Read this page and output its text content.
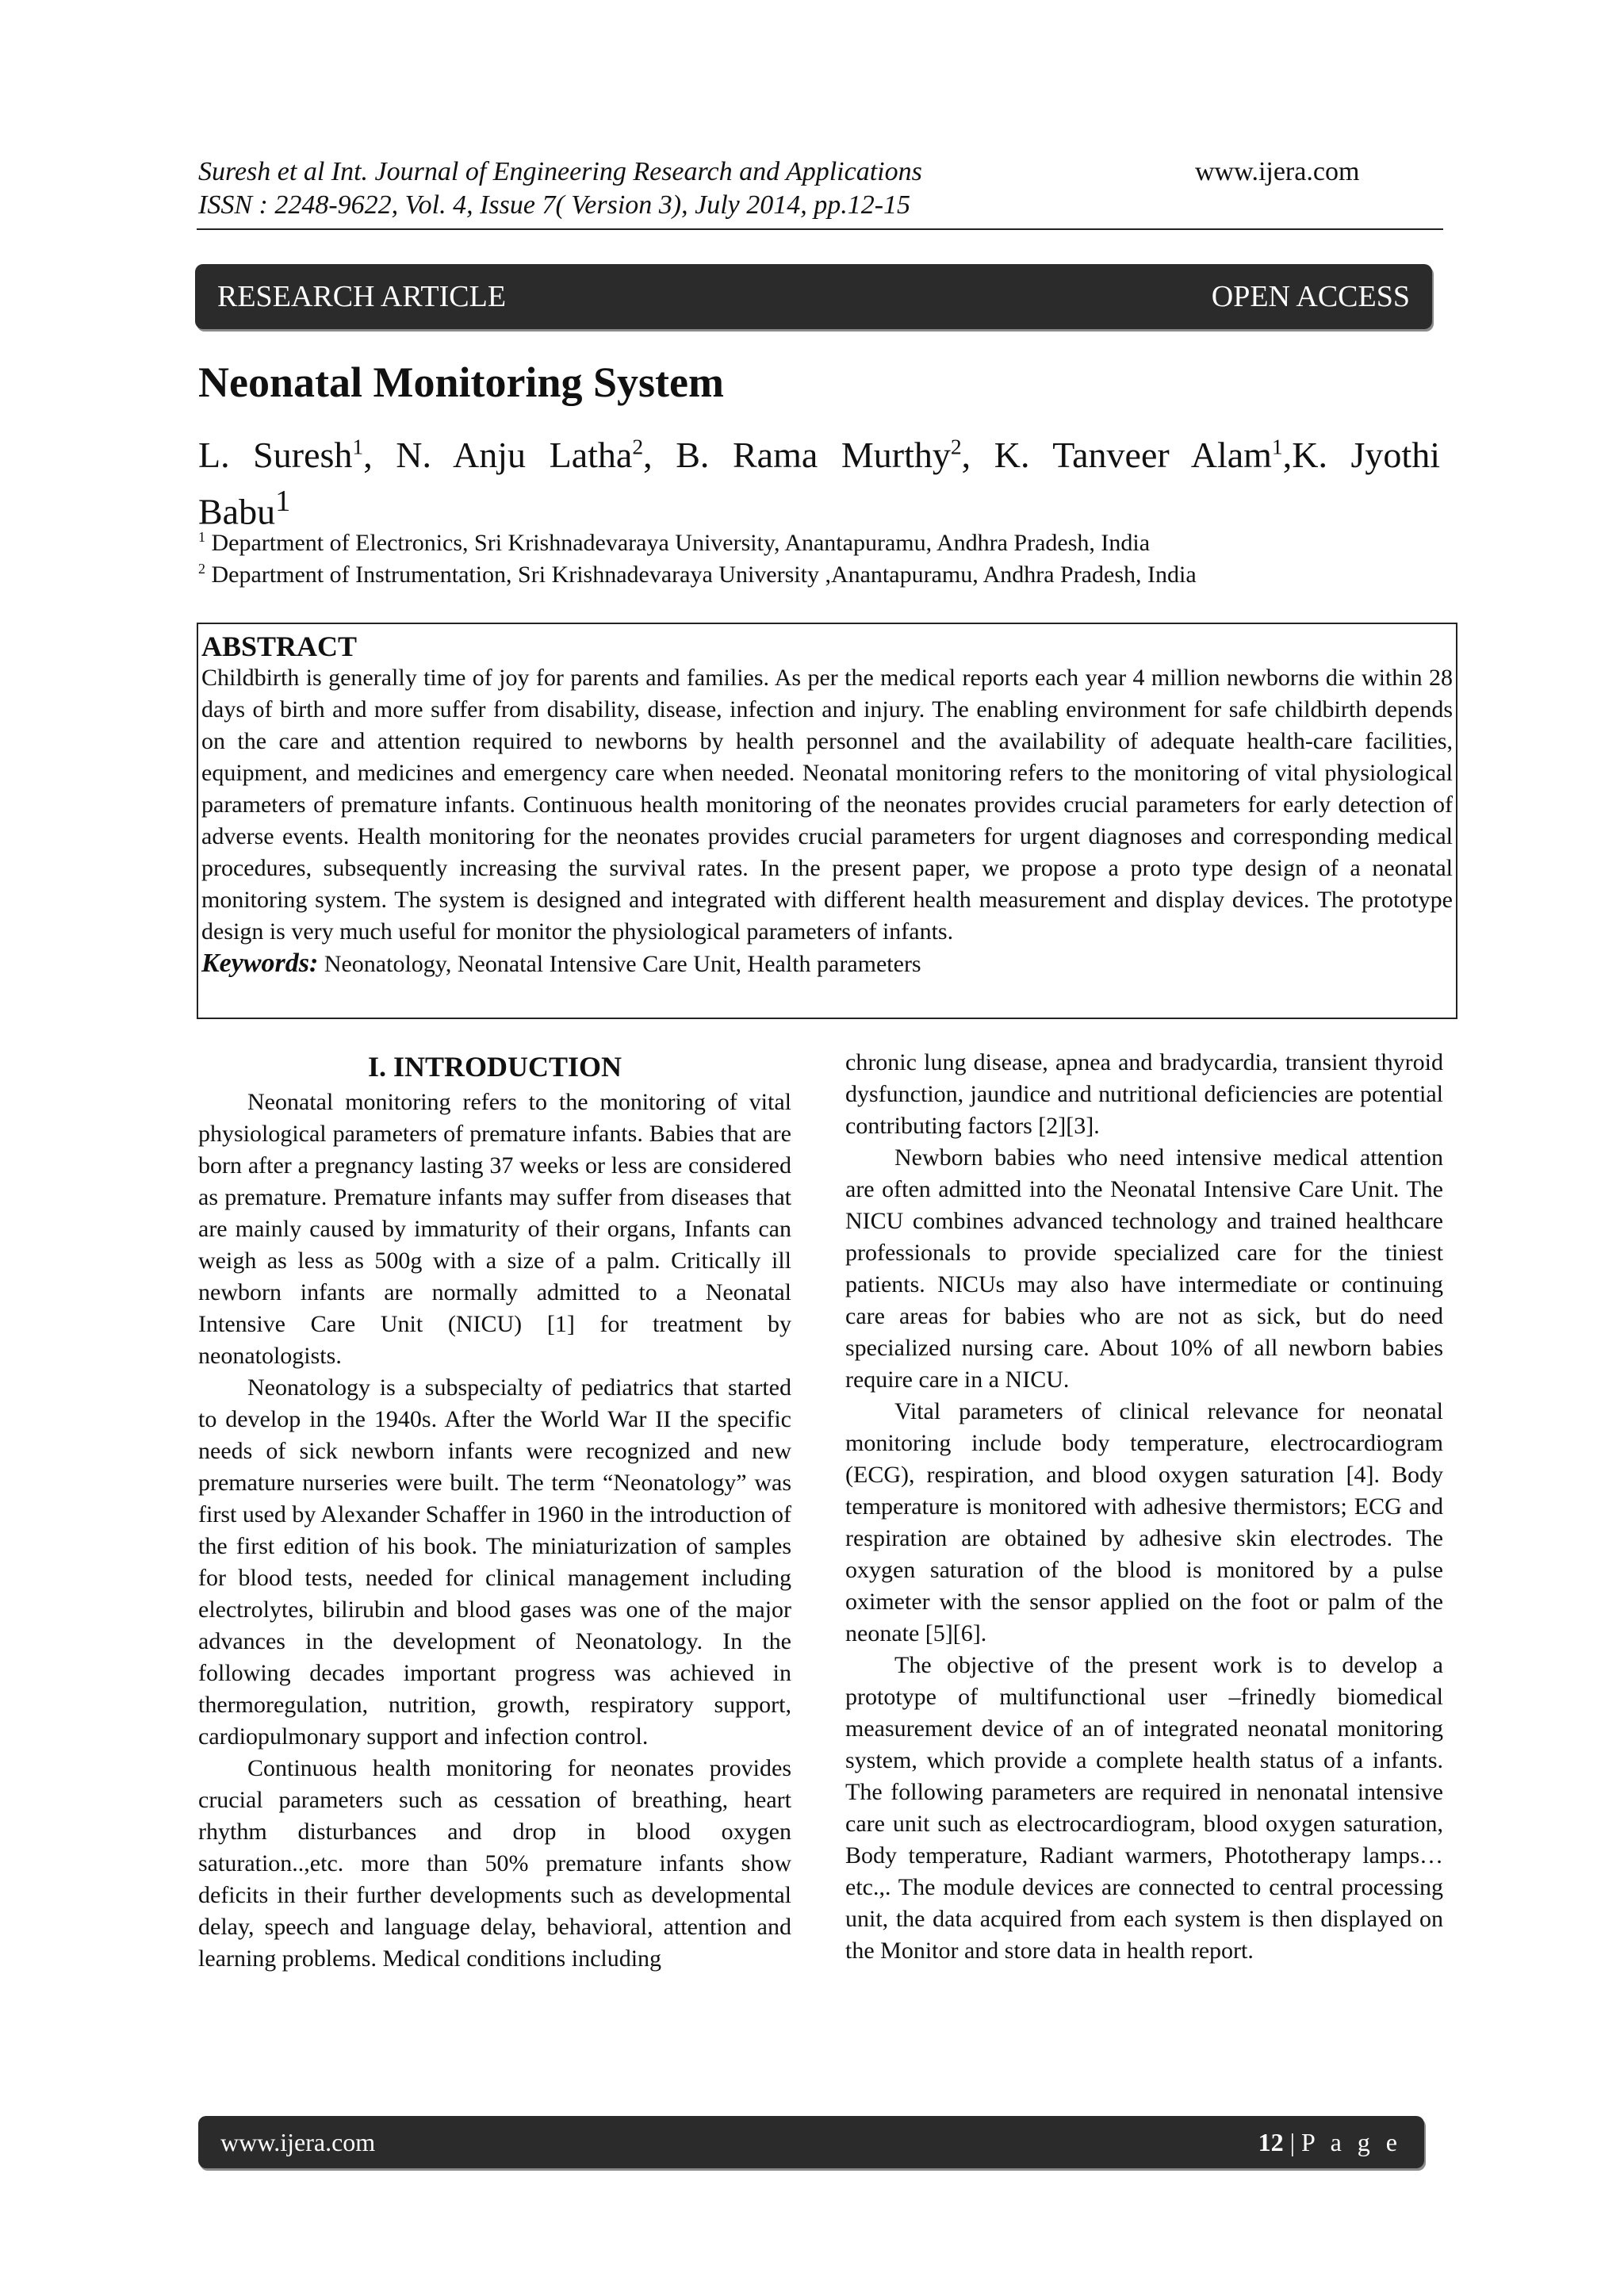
Suresh et al Int. Journal of Engineering Research and Applications	www.ijera.com
ISSN : 2248-9622, Vol. 4, Issue 7( Version 3), July 2014, pp.12-15
RESEARCH ARTICLE	OPEN ACCESS
Neonatal Monitoring System
L. Suresh$^1$, N. Anju Latha$^2$, B. Rama Murthy$^2$, K. Tanveer Alam$^1$,K. Jyothi
Babu$^1$
$^1$ Department of Electronics, Sri Krishnadevaraya University, Anantapuramu, Andhra Pradesh, India
$^2$ Department of Instrumentation, Sri Krishnadevaraya University ,Anantapuramu, Andhra Pradesh, India
ABSTRACT
Childbirth is generally time of joy for parents and families. As per the medical reports each year 4 million newborns die within 28 days of birth and more suffer from disability, disease, infection and injury. The enabling environment for safe childbirth depends on the care and attention required to newborns by health personnel and the availability of adequate health-care facilities, equipment, and medicines and emergency care when needed. Neonatal monitoring refers to the monitoring of vital physiological parameters of premature infants. Continuous health monitoring of the neonates provides crucial parameters for early detection of adverse events. Health monitoring for the neonates provides crucial parameters for urgent diagnoses and corresponding medical procedures, subsequently increasing the survival rates. In the present paper, we propose a proto type design of a neonatal monitoring system. The system is designed and integrated with different health measurement and display devices. The prototype design is very much useful for monitor the physiological parameters of infants.
Keywords: Neonatology, Neonatal Intensive Care Unit, Health parameters
I. INTRODUCTION

Neonatal monitoring refers to the monitoring of vital physiological parameters of premature infants. Babies that are born after a pregnancy lasting 37 weeks or less are considered as premature. Premature infants may suffer from diseases that are mainly caused by immaturity of their organs, Infants can weigh as less as 500g with a size of a palm. Critically ill newborn infants are normally admitted to a Neonatal Intensive Care Unit (NICU) [1] for treatment by neonatologists.

Neonatology is a subspecialty of pediatrics that started to develop in the 1940s. After the World War II the specific needs of sick newborn infants were recognized and new premature nurseries were built. The term “Neonatology” was first used by Alexander Schaffer in 1960 in the introduction of the first edition of his book. The miniaturization of samples for blood tests, needed for clinical management including electrolytes, bilirubin and blood gases was one of the major advances in the development of Neonatology. In the following decades important progress was achieved in thermoregulation, nutrition, growth, respiratory support, cardiopulmonary support and infection control.

Continuous health monitoring for neonates provides crucial parameters such as cessation of breathing, heart rhythm disturbances and drop in blood oxygen saturation..,etc. more than 50% premature infants show deficits in their further developments such as developmental delay, speech and language delay, behavioral, attention and learning problems. Medical conditions including

chronic lung disease, apnea and bradycardia, transient thyroid dysfunction, jaundice and nutritional deficiencies are potential contributing factors [2][3].

Newborn babies who need intensive medical attention are often admitted into the Neonatal Intensive Care Unit. The NICU combines advanced technology and trained healthcare professionals to provide specialized care for the tiniest patients. NICUs may also have intermediate or continuing care areas for babies who are not as sick, but do need specialized nursing care. About 10% of all newborn babies require care in a NICU.

Vital parameters of clinical relevance for neonatal monitoring include body temperature, electrocardiogram (ECG), respiration, and blood oxygen saturation [4]. Body temperature is monitored with adhesive thermistors; ECG and respiration are obtained by adhesive skin electrodes. The oxygen saturation of the blood is monitored by a pulse oximeter with the sensor applied on the foot or palm of the neonate [5][6].

The objective of the present work is to develop a prototype of multifunctional user –frinedly biomedical measurement device of an of integrated neonatal monitoring system, which provide a complete health status of a infants. The following parameters are required in nenonatal intensive care unit such as electrocardiogram, blood oxygen saturation, Body temperature, Radiant warmers, Phototherapy lamps…etc.,. The module devices are connected to central processing unit, the data acquired from each system is then displayed on the Monitor and store data in health report.

www.ijera.com	12 | P a g e
